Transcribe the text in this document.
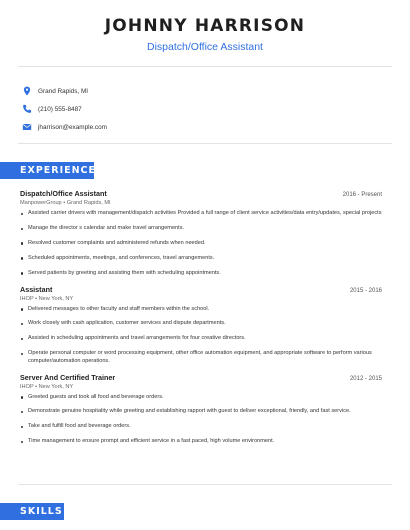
JOHNNY HARRISON
Dispatch/Office Assistant
Grand Rapids, MI
(210) 555-8487
jharrison@example.com
EXPERIENCE
Dispatch/Office Assistant	2016 - Present
ManpowerGroup • Grand Rapids, MI
Assisted carrier drivers with management/dispatch activities Provided a full range of client service activities/data entry/updates, special projects
Manage the director s calendar and make travel arrangements.
Resolved customer complaints and administered refunds when needed.
Scheduled appointments, meetings, and conferences, travel arrangements.
Served patients by greeting and assisting them with scheduling appointments.
Assistant	2015 - 2016
IHOP • New York, NY
Delivered messages to other faculty and staff members within the school.
Work closely with cash application, customer services and dispute departments.
Assisted in scheduling appointments and travel arrangements for four creative directors.
Operate personal computer or word processing equipment, other office automation equipment, and appropriate software to perform various computer/automation operations.
Server And Certified Trainer	2012 - 2015
IHOP • New York, NY
Greeted guests and took all food and beverage orders.
Demonstrate genuine hospitality while greeting and establishing rapport with guest to deliver exceptional, friendly, and fast service.
Take and fulfill food and beverage orders.
Time management to ensure prompt and efficient service in a fast paced, high volume environment.
SKILLS
